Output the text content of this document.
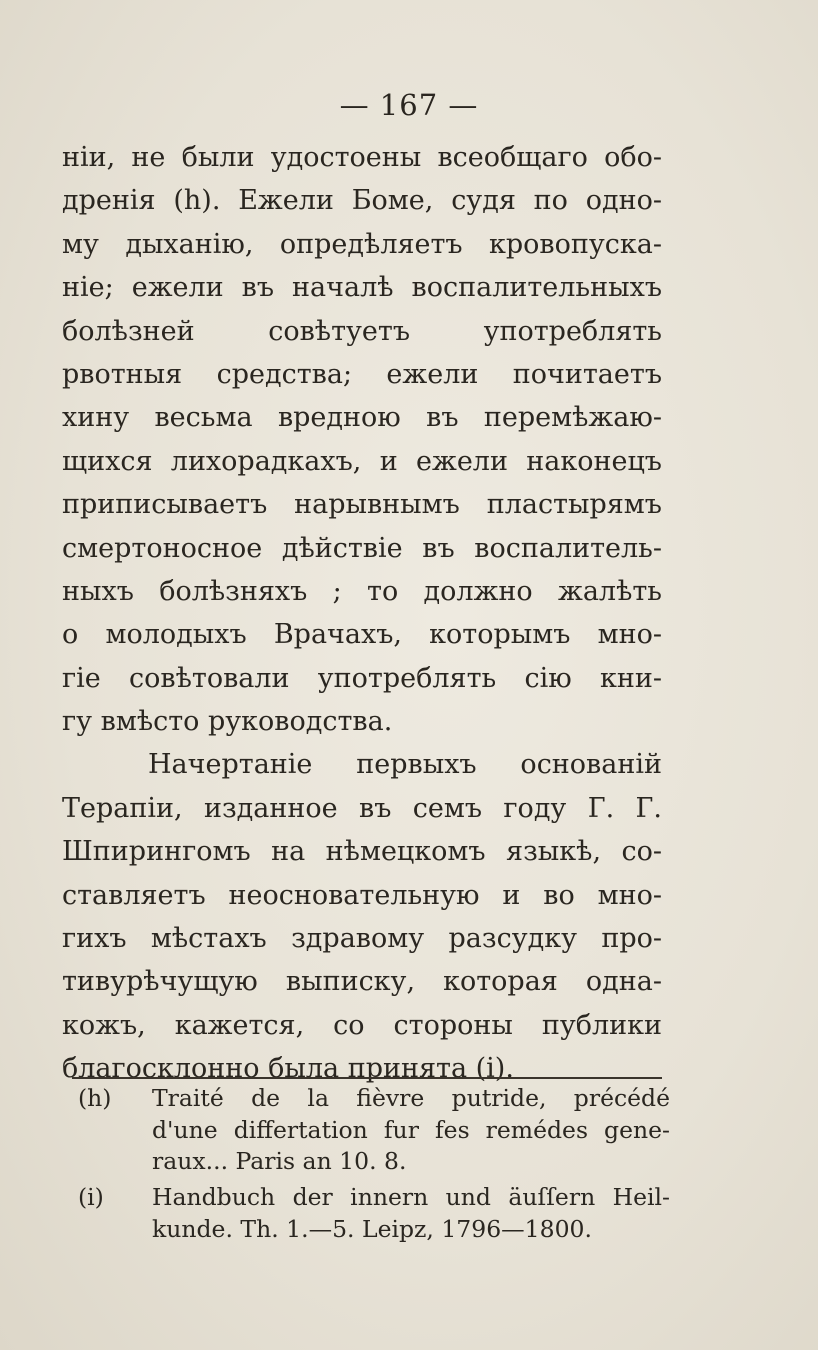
— 167 —
ніи, не были удостоены всеобщаго обо-
дренія (h). Ежели Боме, судя по одно-
му дыханію, опредѣляетъ кровопуска-
ніе; ежели въ началѣ воспалительныхъ
болѣзней совѣтуетъ употреблять
рвотныя средства; ежели почитаетъ
хину весьма вредною въ перемѣжаю-
щихся лихорадкахъ, и ежели наконецъ
приписываетъ нарывнымъ пластырямъ
смертоносное дѣйствіе въ воспалитель-
ныхъ болѣзняхъ ; то должно жалѣть
о молодыхъ Врачахъ, которымъ мно-
гіе совѣтовали употреблять сію кни-
гу вмѣсто руководства.
Начертаніе первыхъ основаній
Терапіи, изданное въ семъ году Г. Г.
Шпирингомъ на нѣмецкомъ языкѣ, со-
ставляетъ неосновательную и во мно-
гихъ мѣстахъ здравому разсудку про-
тивурѣчущую выписку, которая одна-
кожъ, кажется, со стороны публики
благосклонно была принята (і).
(h)	Traité de la fièvre putride, précédé
d'une differtation fur fes remédes gene-
raux... Paris an 10. 8.
(i)	Handbuch der innern und äuſſern Heil-
kunde. Th. 1.—5. Leipz, 1796—1800.
